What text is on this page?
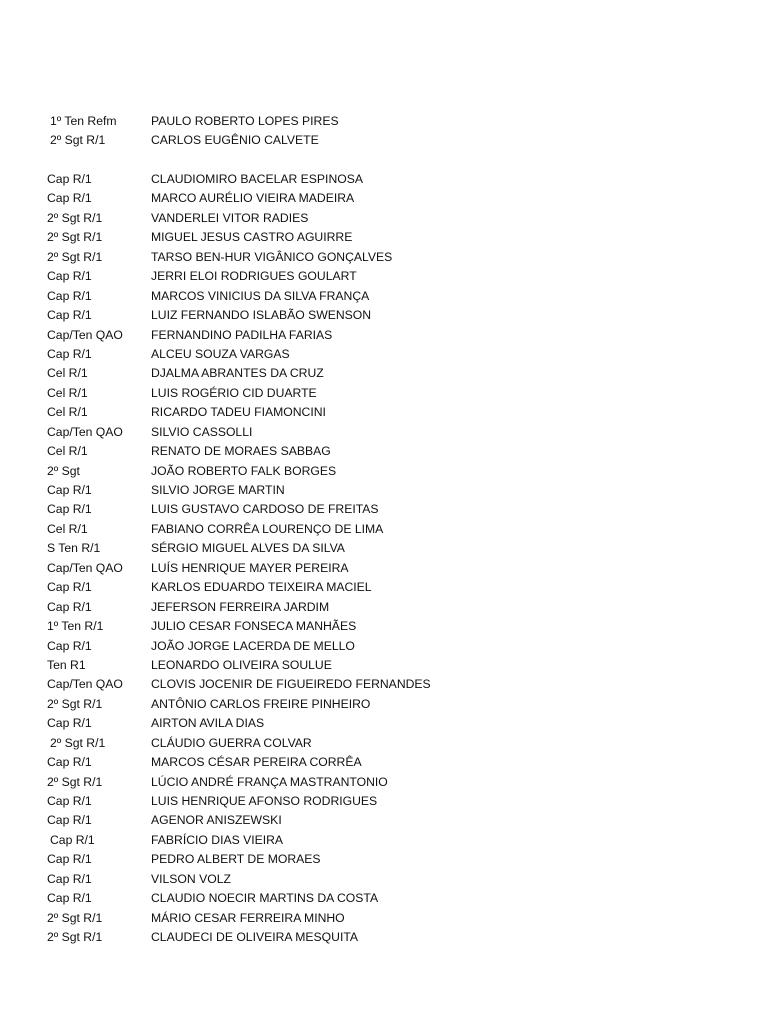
1º Ten Refm	PAULO ROBERTO LOPES PIRES
2º Sgt R/1	CARLOS EUGÊNIO CALVETE
Cap R/1	CLAUDIOMIRO BACELAR ESPINOSA
Cap R/1	MARCO AURÉLIO VIEIRA MADEIRA
2º Sgt R/1	VANDERLEI VITOR RADIES
2º Sgt R/1	MIGUEL JESUS CASTRO AGUIRRE
2º Sgt R/1	TARSO BEN-HUR VIGÂNICO GONÇALVES
Cap R/1	JERRI ELOI RODRIGUES GOULART
Cap R/1	MARCOS VINICIUS DA SILVA FRANÇA
Cap R/1	LUIZ FERNANDO ISLABÃO SWENSON
Cap/Ten QAO	FERNANDINO PADILHA FARIAS
Cap R/1	ALCEU SOUZA VARGAS
Cel R/1	DJALMA ABRANTES DA CRUZ
Cel R/1	LUIS ROGÉRIO CID DUARTE
Cel R/1	RICARDO TADEU FIAMONCINI
Cap/Ten QAO	SILVIO CASSOLLI
Cel R/1	RENATO DE MORAES SABBAG
2º Sgt	JOÃO ROBERTO FALK BORGES
Cap R/1	SILVIO JORGE MARTIN
Cap R/1	LUIS GUSTAVO CARDOSO DE FREITAS
Cel R/1	FABIANO CORRÊA LOURENÇO DE LIMA
S Ten R/1	SÉRGIO MIGUEL ALVES DA SILVA
Cap/Ten QAO	LUÍS HENRIQUE MAYER PEREIRA
Cap R/1	KARLOS EDUARDO TEIXEIRA MACIEL
Cap R/1	JEFERSON FERREIRA JARDIM
1º Ten R/1	JULIO CESAR FONSECA MANHÃES
Cap R/1	JOÃO JORGE LACERDA DE MELLO
Ten R1	LEONARDO OLIVEIRA SOULUE
Cap/Ten QAO	CLOVIS JOCENIR DE FIGUEIREDO FERNANDES
2º Sgt R/1	ANTÔNIO CARLOS FREIRE PINHEIRO
Cap R/1	AIRTON AVILA DIAS
2º Sgt R/1	CLÁUDIO GUERRA COLVAR
Cap R/1	MARCOS CÉSAR PEREIRA CORRÊA
2º Sgt R/1	LÚCIO ANDRÉ FRANÇA MASTRANTONIO
Cap R/1	LUIS HENRIQUE AFONSO RODRIGUES
Cap R/1	AGENOR ANISZEWSKI
Cap R/1	FABRÍCIO DIAS VIEIRA
Cap R/1	PEDRO ALBERT DE MORAES
Cap R/1	VILSON VOLZ
Cap R/1	CLAUDIO NOECIR MARTINS DA COSTA
2º Sgt R/1	MÁRIO CESAR FERREIRA MINHO
2º Sgt R/1	CLAUDECI DE OLIVEIRA MESQUITA
